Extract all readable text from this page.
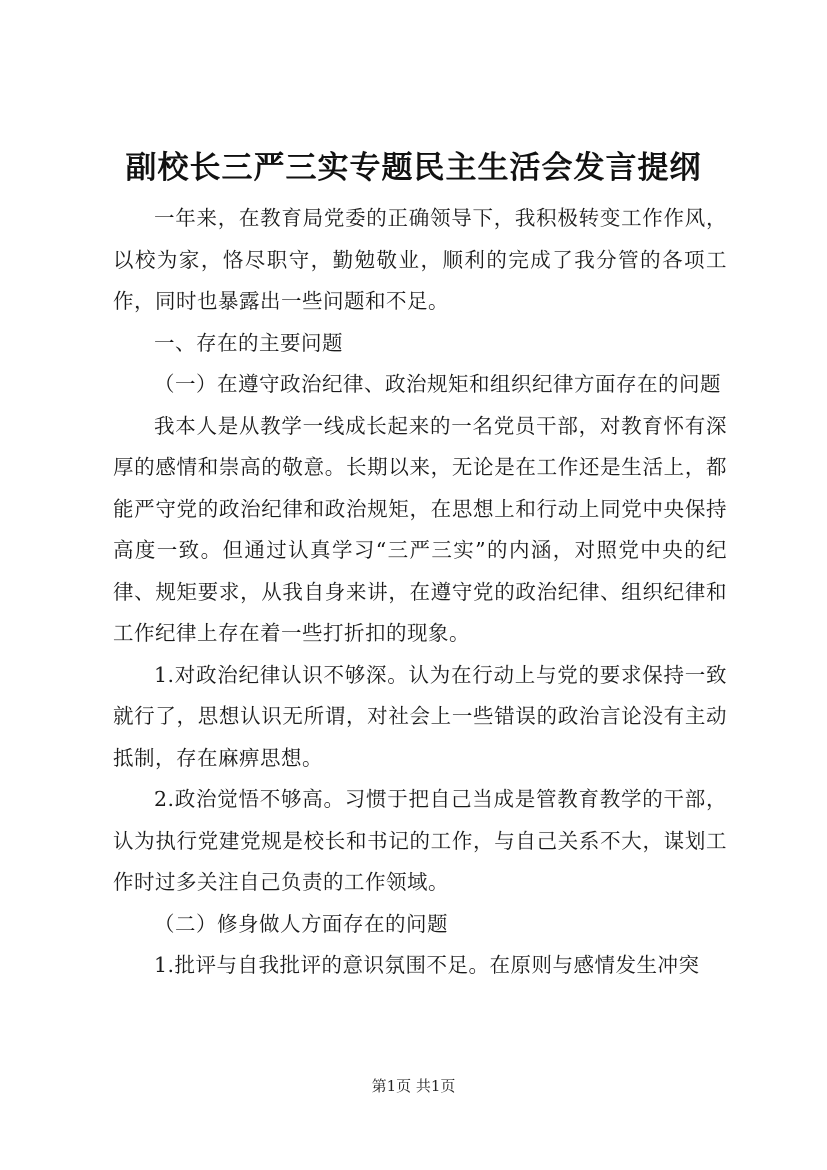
副校长三严三实专题民主生活会发言提纲

一年来，在教育局党委的正确领导下，我积极转变工作作风，以校为家，恪尽职守，勤勉敬业，顺利的完成了我分管的各项工作，同时也暴露出一些问题和不足。

一、存在的主要问题

（一）在遵守政治纪律、政治规矩和组织纪律方面存在的问题

我本人是从教学一线成长起来的一名党员干部，对教育怀有深厚的感情和崇高的敬意。长期以来，无论是在工作还是生活上，都能严守党的政治纪律和政治规矩，在思想上和行动上同党中央保持高度一致。但通过认真学习“三严三实”的内涵，对照党中央的纪律、规矩要求，从我自身来讲，在遵守党的政治纪律、组织纪律和工作纪律上存在着一些打折扣的现象。

1.对政治纪律认识不够深。认为在行动上与党的要求保持一致就行了，思想认识无所谓，对社会上一些错误的政治言论没有主动抵制，存在麻痹思想。

2.政治觉悟不够高。习惯于把自己当成是管教育教学的干部，认为执行党建党规是校长和书记的工作，与自己关系不大，谋划工作时过多关注自己负责的工作领域。

（二）修身做人方面存在的问题

1.批评与自我批评的意识氛围不足。在原则与感情发生冲突

第1页 共1页
